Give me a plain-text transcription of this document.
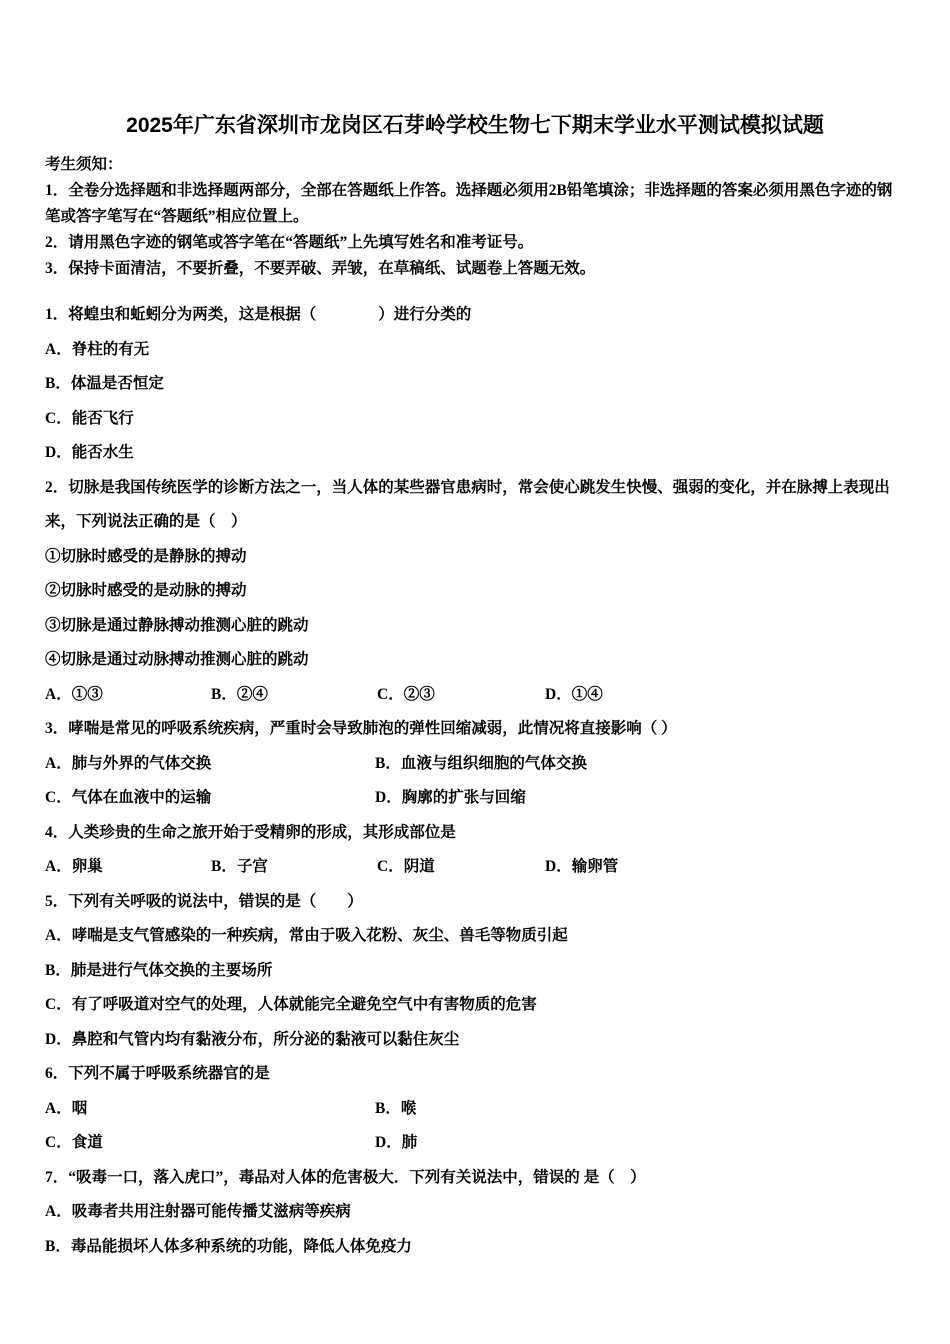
2025年广东省深圳市龙岗区石芽岭学校生物七下期末学业水平测试模拟试题

考生须知：

1．全卷分选择题和非选择题两部分，全部在答题纸上作答。选择题必须用2B铅笔填涂；非选择题的答案必须用黑色字迹的钢笔或答字笔写在“答题纸”相应位置上。

2．请用黑色字迹的钢笔或答字笔在“答题纸”上先填写姓名和准考证号。

3．保持卡面清洁，不要折叠，不要弄破、弄皱，在草稿纸、试题卷上答题无效。

1．将蝗虫和蚯蚓分为两类，这是根据（　　　　）进行分类的

A．脊柱的有无

B．体温是否恒定

C．能否飞行

D．能否水生

2．切脉是我国传统医学的诊断方法之一，当人体的某些器官患病时，常会使心跳发生快慢、强弱的变化，并在脉搏上表现出来，下列说法正确的是（　）

①切脉时感受的是静脉的搏动

②切脉时感受的是动脉的搏动

③切脉是通过静脉搏动推测心脏的跳动

④切脉是通过动脉搏动推测心脏的跳动

A．①③	B．②④	C．②③	D．①④

3．哮喘是常见的呼吸系统疾病，严重时会导致肺泡的弹性回缩减弱，此情况将直接影响（ ）

A．肺与外界的气体交换	B．血液与组织细胞的气体交换
C．气体在血液中的运输	D．胸廓的扩张与回缩

4．人类珍贵的生命之旅开始于受精卵的形成，其形成部位是

A．卵巢	B．子宫	C．阴道	D．输卵管

5．下列有关呼吸的说法中，错误的是（　　）

A．哮喘是支气管感染的一种疾病，常由于吸入花粉、灰尘、兽毛等物质引起

B．肺是进行气体交换的主要场所

C．有了呼吸道对空气的处理，人体就能完全避免空气中有害物质的危害

D．鼻腔和气管内均有黏液分布，所分泌的黏液可以黏住灰尘

6．下列不属于呼吸系统器官的是

A．咽	B．喉
C．食道	D．肺

7．“吸毒一口，落入虎口”，毒品对人体的危害极大．下列有关说法中，错误的 是（　）

A．吸毒者共用注射器可能传播艾滋病等疾病

B．毒品能损坏人体多种系统的功能，降低人体免疫力
